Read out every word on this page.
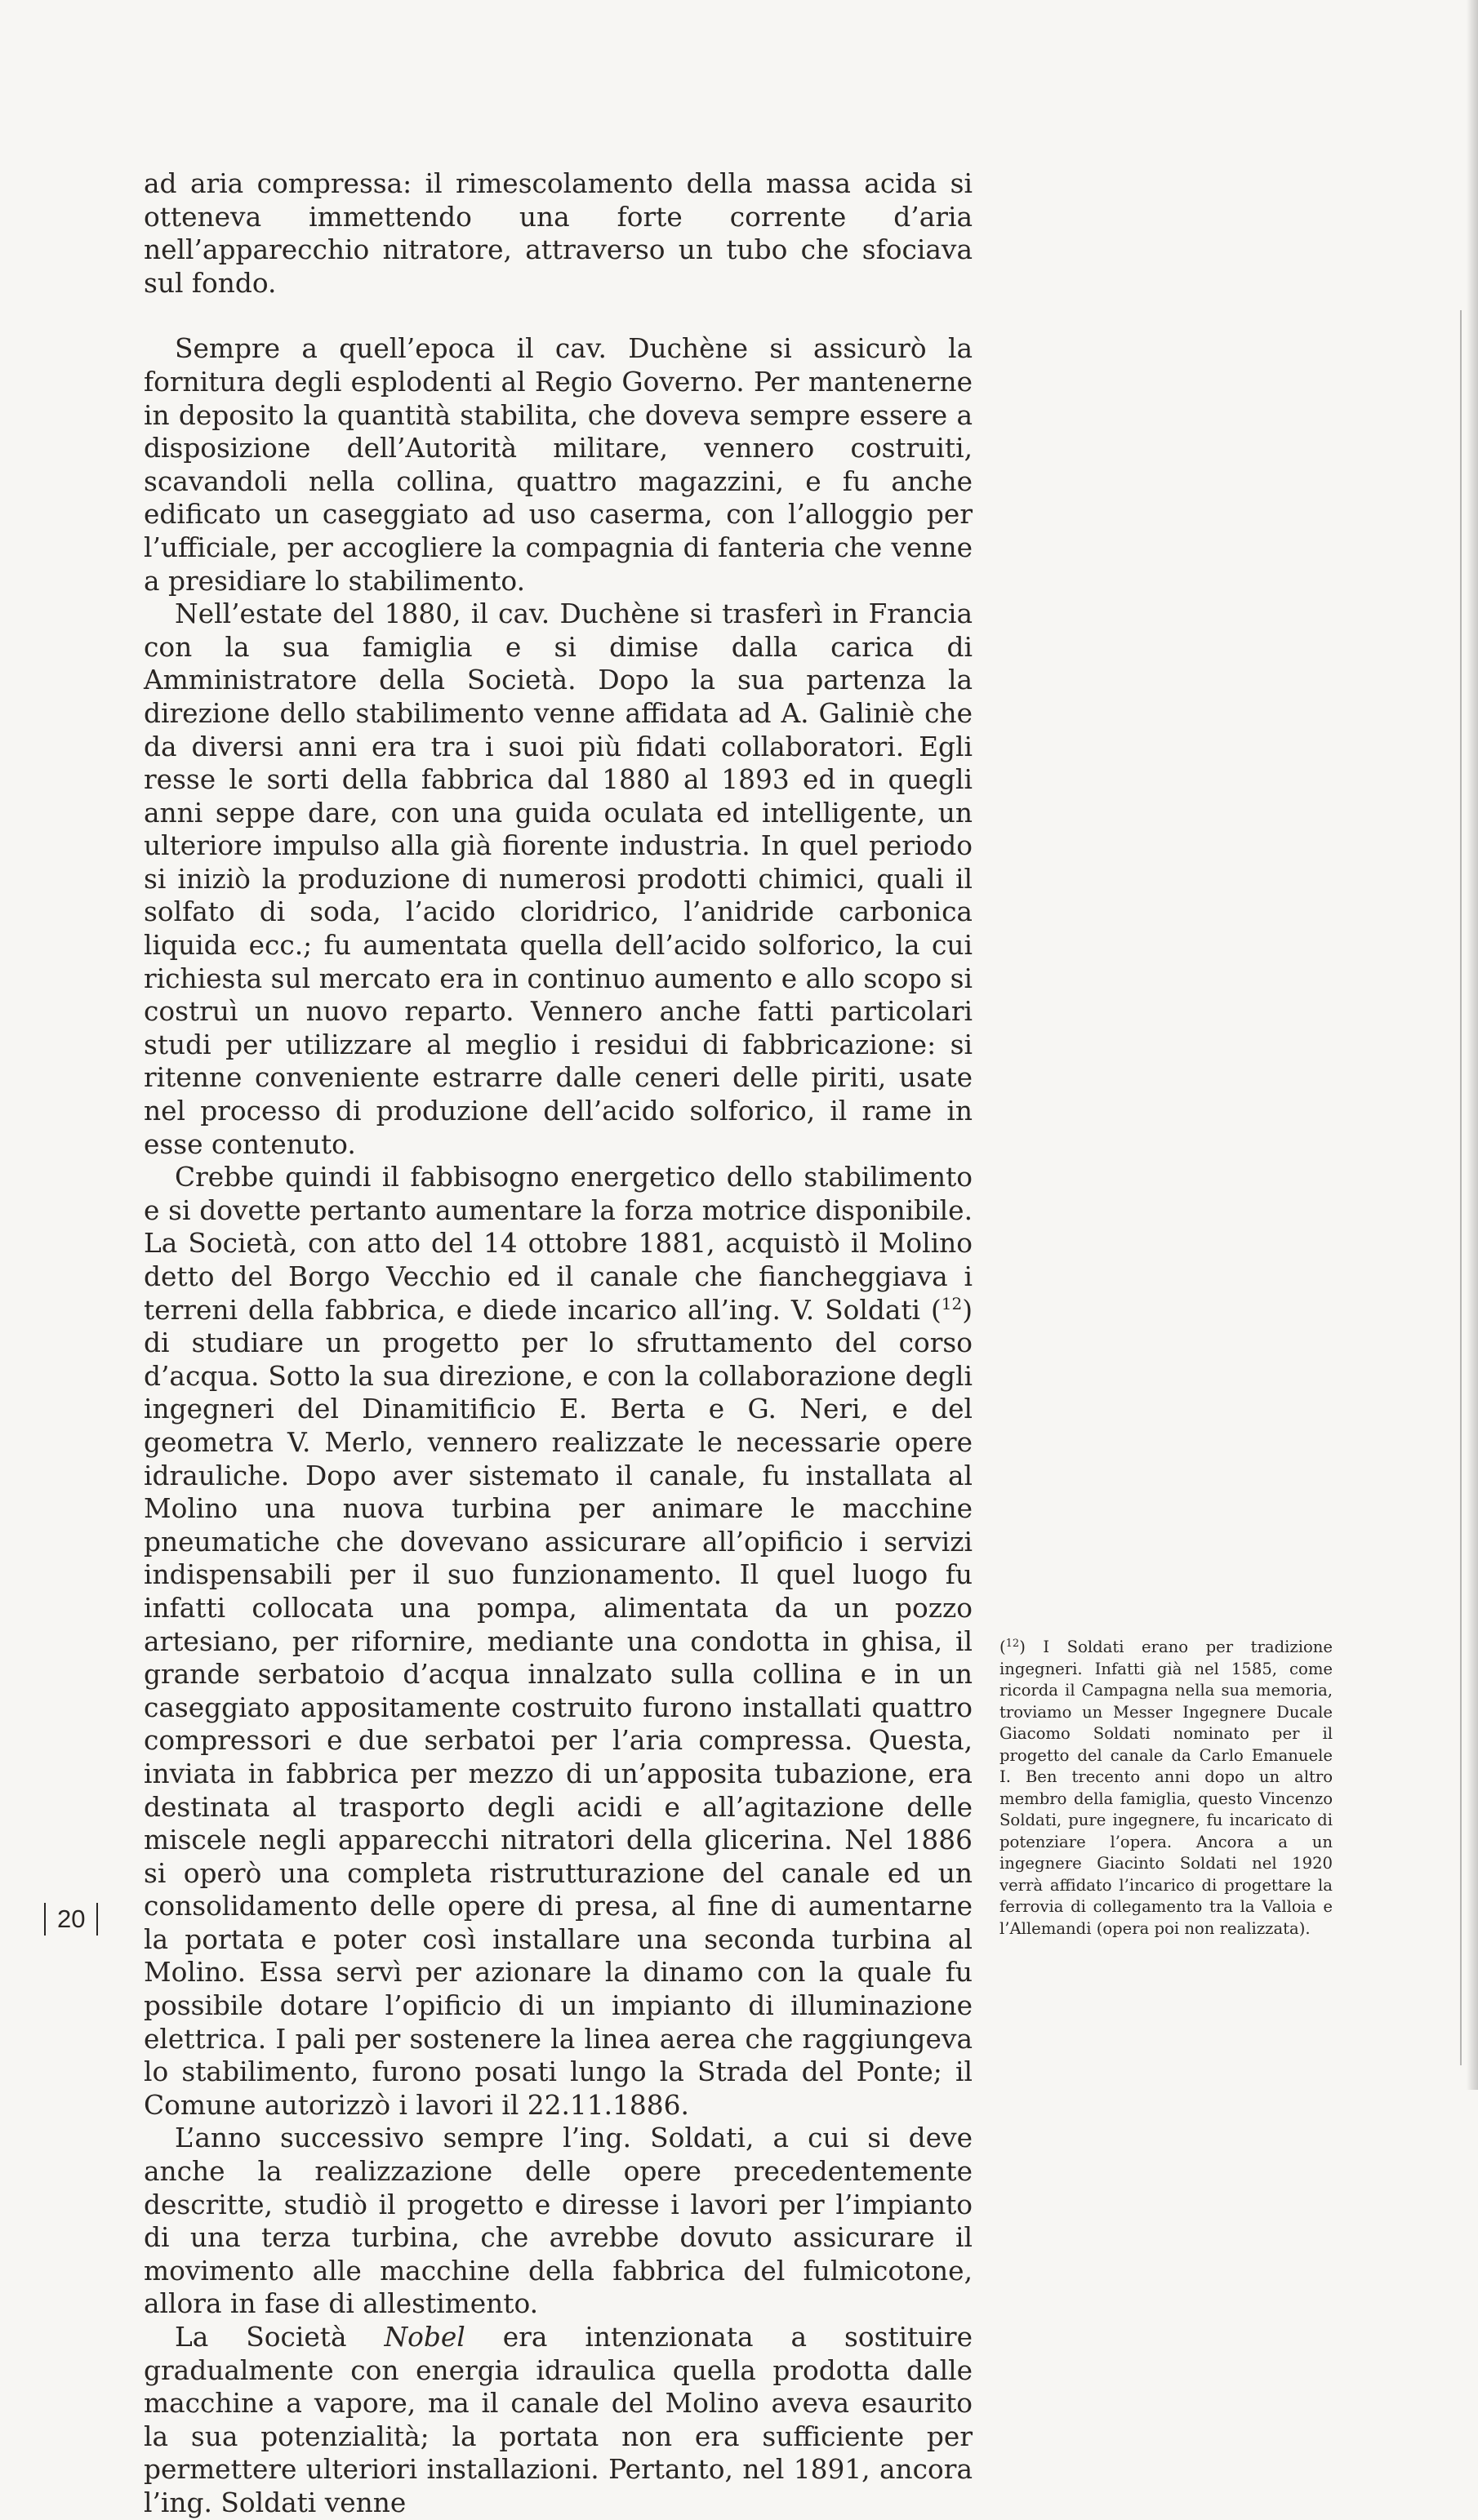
ad aria compressa: il rimescolamento della massa acida si otteneva immettendo una forte corrente d’aria nell’apparecchio nitratore, attraverso un tubo che sfociava sul fondo.

Sempre a quell’epoca il cav. Duchène si assicurò la fornitura degli esplodenti al Regio Governo. Per mantenerne in deposito la quantità stabilita, che doveva sempre essere a disposizione dell’Autorità militare, vennero costruiti, scavandoli nella collina, quattro magazzini, e fu anche edificato un caseggiato ad uso caserma, con l’alloggio per l’ufficiale, per accogliere la compagnia di fanteria che venne a presidiare lo stabilimento.

Nell’estate del 1880, il cav. Duchène si trasferì in Francia con la sua famiglia e si dimise dalla carica di Amministratore della Società. Dopo la sua partenza la direzione dello stabilimento venne affidata ad A. Galiniè che da diversi anni era tra i suoi più fidati collaboratori. Egli resse le sorti della fabbrica dal 1880 al 1893 ed in quegli anni seppe dare, con una guida oculata ed intelligente, un ulteriore impulso alla già fiorente industria. In quel periodo si iniziò la produzione di numerosi prodotti chimici, quali il solfato di soda, l’acido cloridrico, l’anidride carbonica liquida ecc.; fu aumentata quella dell’acido solforico, la cui richiesta sul mercato era in continuo aumento e allo scopo si costruì un nuovo reparto. Vennero anche fatti particolari studi per utilizzare al meglio i residui di fabbricazione: si ritenne conveniente estrarre dalle ceneri delle piriti, usate nel processo di produzione dell’acido solforico, il rame in esse contenuto.

Crebbe quindi il fabbisogno energetico dello stabilimento e si dovette pertanto aumentare la forza motrice disponibile. La Società, con atto del 14 ottobre 1881, acquistò il Molino detto del Borgo Vecchio ed il canale che fiancheggiava i terreni della fabbrica, e diede incarico all’ing. V. Soldati ($^{12}$) di studiare un progetto per lo sfruttamento del corso d’acqua. Sotto la sua direzione, e con la collaborazione degli ingegneri del Dinamitificio E. Berta e G. Neri, e del geometra V. Merlo, vennero realizzate le necessarie opere idrauliche. Dopo aver sistemato il canale, fu installata al Molino una nuova turbina per animare le macchine pneumatiche che dovevano assicurare all’opificio i servizi indispensabili per il suo funzionamento. Il quel luogo fu infatti collocata una pompa, alimentata da un pozzo artesiano, per rifornire, mediante una condotta in ghisa, il grande serbatoio d’acqua innalzato sulla collina e in un caseggiato appositamente costruito furono installati quattro compressori e due serbatoi per l’aria compressa. Questa, inviata in fabbrica per mezzo di un’apposita tubazione, era destinata al trasporto degli acidi e all’agitazione delle miscele negli apparecchi nitratori della glicerina. Nel 1886 si operò una completa ristrutturazione del canale ed un consolidamento delle opere di presa, al fine di aumentarne la portata e poter così installare una seconda turbina al Molino. Essa servì per azionare la dinamo con la quale fu possibile dotare l’opificio di un impianto di illuminazione elettrica. I pali per sostenere la linea aerea che raggiungeva lo stabilimento, furono posati lungo la Strada del Ponte; il Comune autorizzò i lavori il 22.11.1886.

L’anno successivo sempre l’ing. Soldati, a cui si deve anche la realizzazione delle opere precedentemente descritte, studiò il progetto e diresse i lavori per l’impianto di una terza turbina, che avrebbe dovuto assicurare il movimento alle macchine della fabbrica del fulmicotone, allora in fase di allestimento.

La Società Nobel era intenzionata a sostituire gradualmente con energia idraulica quella prodotta dalle macchine a vapore, ma il canale del Molino aveva esaurito la sua potenzialità; la portata non era sufficiente per permettere ulteriori installazioni. Pertanto, nel 1891, ancora l’ing. Soldati venne

($^{12}$) I Soldati erano per tradizione ingegneri. Infatti già nel 1585, come ricorda il Campagna nella sua memoria, troviamo un Messer Ingegnere Ducale Giacomo Soldati nominato per il progetto del canale da Carlo Emanuele I. Ben trecento anni dopo un altro membro della famiglia, questo Vincenzo Soldati, pure ingegnere, fu incaricato di potenziare l’opera. Ancora a un ingegnere Giacinto Soldati nel 1920 verrà affidato l’incarico di progettare la ferrovia di collegamento tra la Valloia e l’Allemandi (opera poi non realizzata).
20
